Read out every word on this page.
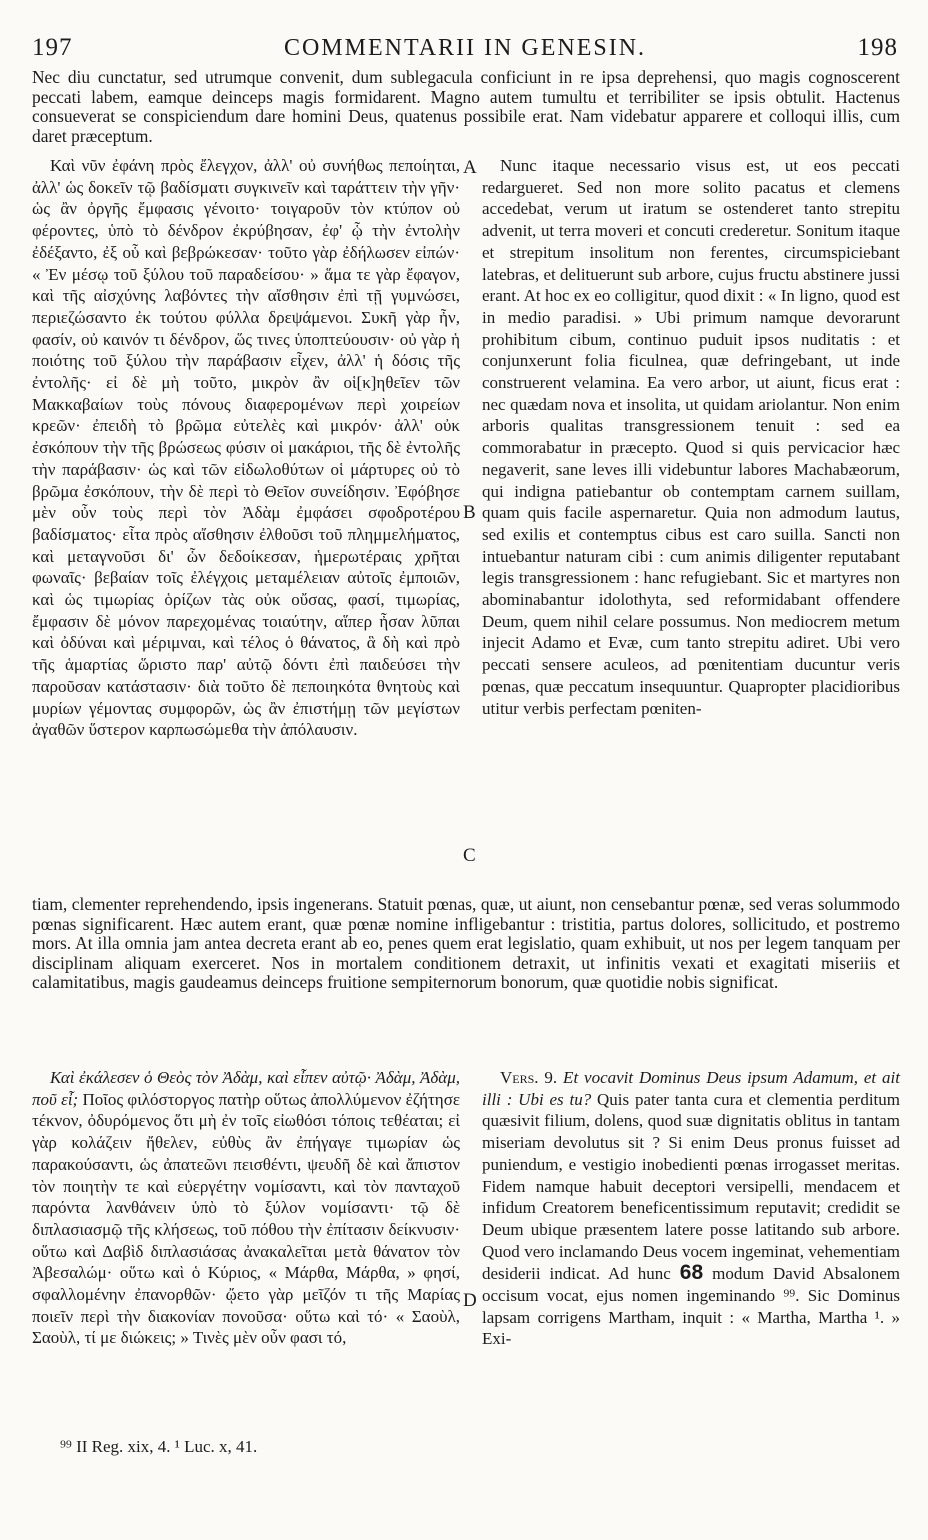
197	COMMENTARII IN GENESIN.	198

Nec diu cunctatur, sed utrumque convenit, dum sublegacula conficiunt in re ipsa deprehensi, quo magis cognoscerent peccati labem, eamque deinceps magis formidarent. Magno autem tumultu et terribiliter se ipsis obtulit. Hactenus consueverat se conspiciendum dare homini Deus, quatenus possibile erat. Nam videbatur apparere et colloqui illis, cum daret præceptum.

Καὶ νῦν ἐφάνη πρὸς ἔλεγχον, ἀλλ' οὐ συνήθως πεποίηται, ἀλλ' ὡς δοκεῖν τῷ βαδίσματι συγκινεῖν καὶ ταράττειν τὴν γῆν· ὡς ἂν ὀργῆς ἔμφασις γένοιτο· τοιγαροῦν τὸν κτύπον οὐ φέροντες, ὑπὸ τὸ δένδρον ἐκρύβησαν, ἐφ' ᾧ τὴν ἐντολὴν ἐδέξαντο, ἐξ οὗ καὶ βεβρώκεσαν· τοῦτο γὰρ ἐδήλωσεν εἰπών· « Ἐν μέσῳ τοῦ ξύλου τοῦ παραδείσου· » ἅμα τε γὰρ ἔφαγον, καὶ τῆς αἰσχύνης λαβόντες τὴν αἴσθησιν ἐπὶ τῇ γυμνώσει, περιεζώσαντο ἐκ τούτου φύλλα δρεψάμενοι. Συκῆ γὰρ ἦν, φασίν, οὐ καινόν τι δένδρον, ὥς τινες ὑποπτεύουσιν· οὐ γὰρ ἡ ποιότης τοῦ ξύλου τὴν παράβασιν εἶχεν, ἀλλ' ἡ δόσις τῆς ἐντολῆς· εἰ δὲ μὴ τοῦτο, μικρὸν ἂν οἱ[κ]ηθεῖεν τῶν Μακκαβαίων τοὺς πόνους διαφερομένων περὶ χοιρείων κρεῶν· ἐπειδὴ τὸ βρῶμα εὐτελὲς καὶ μικρόν· ἀλλ' οὐκ ἐσκόπουν τὴν τῆς βρώσεως φύσιν οἱ μακάριοι, τῆς δὲ ἐντολῆς τὴν παράβασιν· ὡς καὶ τῶν εἰδωλοθύτων οἱ μάρτυρες οὐ τὸ βρῶμα ἐσκόπουν, τὴν δὲ περὶ τὸ Θεῖον συνείδησιν. Ἐφόβησε μὲν οὖν τοὺς περὶ τὸν Ἀδὰμ ἐμφάσει σφοδροτέρου βαδίσματος· εἶτα πρὸς αἴσθησιν ἐλθοῦσι τοῦ πλημμελήματος, καὶ μεταγνοῦσι δι' ὧν δεδοίκεσαν, ἡμερωτέραις χρῆται φωναῖς· βεβαίαν τοῖς ἐλέγχοις μεταμέλειαν αὐτοῖς ἐμποιῶν, καὶ ὡς τιμωρίας ὁρίζων τὰς οὐκ οὔσας, φασί, τιμωρίας, ἔμφασιν δὲ μόνον παρεχομένας τοιαύτην, αἵπερ ἦσαν λῦπαι καὶ ὀδύναι καὶ μέριμναι, καὶ τέλος ὁ θάνατος, ἃ δὴ καὶ πρὸ τῆς ἁμαρτίας ὥριστο παρ' αὐτῷ δόντι ἐπὶ παιδεύσει τὴν παροῦσαν κατάστασιν· διὰ τοῦτο δὲ πεποιηκότα θνητοὺς καὶ μυρίων γέμοντας συμφορῶν, ὡς ἂν ἐπιστήμῃ τῶν μεγίστων ἀγαθῶν ὕστερον καρπωσώμεθα τὴν ἀπόλαυσιν.

Nunc itaque necessario visus est, ut eos peccati redargueret. Sed non more solito pacatus et clemens accedebat, verum ut iratum se ostenderet tanto strepitu advenit, ut terra moveri et concuti crederetur. Sonitum itaque et strepitum insolitum non ferentes, circumspiciebant latebras, et delituerunt sub arbore, cujus fructu abstinere jussi erant. At hoc ex eo colligitur, quod dixit : « In ligno, quod est in medio paradisi. » Ubi primum namque devorarunt prohibitum cibum, continuo puduit ipsos nuditatis : et conjunxerunt folia ficulnea, quæ defringebant, ut inde construerent velamina. Ea vero arbor, ut aiunt, ficus erat : nec quædam nova et insolita, ut quidam ariolantur. Non enim arboris qualitas transgressionem tenuit : sed ea commorabatur in præcepto. Quod si quis pervicacior hæc negaverit, sane leves illi videbuntur labores Machabæorum, qui indigna patiebantur ob contemptam carnem suillam, quam quis facile aspernaretur. Quia non admodum lautus, sed exilis et contemptus cibus est caro suilla. Sancti non intuebantur naturam cibi : cum animis diligenter reputabant legis transgressionem : hanc refugiebant. Sic et martyres non abominabantur idolothyta, sed reformidabant offendere Deum, quem nihil celare possumus. Non mediocrem metum injecit Adamo et Evæ, cum tanto strepitu adiret. Ubi vero peccati sensere aculeos, ad pœnitentiam ducuntur veris pœnas, quæ peccatum insequuntur. Quapropter placidioribus utitur verbis perfectam pœniten-

A
B
C
D

tiam, clementer reprehendendo, ipsis ingenerans. Statuit pœnas, quæ, ut aiunt, non censebantur pœnæ, sed veras solummodo pœnas significarent. Hæc autem erant, quæ pœnæ nomine infligebantur : tristitia, partus dolores, sollicitudo, et postremo mors. At illa omnia jam antea decreta erant ab eo, penes quem erat legislatio, quam exhibuit, ut nos per legem tanquam per disciplinam aliquam exerceret. Nos in mortalem conditionem detraxit, ut infinitis vexati et exagitati miseriis et calamitatibus, magis gaudeamus deinceps fruitione sempiternorum bonorum, quæ quotidie nobis significat.

Καὶ ἐκάλεσεν ὁ Θεὸς τὸν Ἀδὰμ, καὶ εἶπεν αὐτῷ· Ἀδὰμ, Ἀδὰμ, ποῦ εἶ; Ποῖος φιλόστοργος πατὴρ οὕτως ἀπολλύμενον ἐζήτησε τέκνον, ὀδυρόμενος ὅτι μὴ ἐν τοῖς εἰωθόσι τόποις τεθέαται; εἰ γὰρ κολάζειν ἤθελεν, εὐθὺς ἂν ἐπήγαγε τιμωρίαν ὡς παρακούσαντι, ὡς ἀπατεῶνι πεισθέντι, ψευδῆ δὲ καὶ ἄπιστον τὸν ποιητὴν τε καὶ εὐεργέτην νομίσαντι, καὶ τὸν πανταχοῦ παρόντα λανθάνειν ὑπὸ τὸ ξύλον νομίσαντι· τῷ δὲ διπλασιασμῷ τῆς κλήσεως, τοῦ πόθου τὴν ἐπίτασιν δείκνυσιν· οὕτω καὶ Δαβὶδ διπλασιάσας ἀνακαλεῖται μετὰ θάνατον τὸν Ἀβεσαλώμ· οὕτω καὶ ὁ Κύριος, « Μάρθα, Μάρθα, » φησί, σφαλλομένην ἐπανορθῶν· ᾤετο γὰρ μεῖζόν τι τῆς Μαρίας ποιεῖν περὶ τὴν διακονίαν πονοῦσα· οὕτω καὶ τό· « Σαοὺλ, Σαοὺλ, τί με διώκεις; » Τινὲς μὲν οὖν φασι τό,

Vers. 9. Et vocavit Dominus Deus ipsum Adamum, et ait illi : Ubi es tu? Quis pater tanta cura et clementia perditum quæsivit filium, dolens, quod suæ dignitatis oblitus in tantam miseriam devolutus sit ? Si enim Deus pronus fuisset ad puniendum, e vestigio inobedienti pœnas irrogasset meritas. Fidem namque habuit deceptori versipelli, mendacem et infidum Creatorem beneficentissimum reputavit; credidit se Deum ubique præsentem latere posse latitando sub arbore. Quod vero inclamando Deus vocem ingeminat, vehementiam desiderii indicat. Ad hunc 68 modum David Absalonem occisum vocat, ejus nomen ingeminando ⁹⁹. Sic Dominus lapsam corrigens Martham, inquit : « Martha, Martha ¹. » Exi-

⁹⁹ II Reg. xix, 4. ¹ Luc. x, 41.
